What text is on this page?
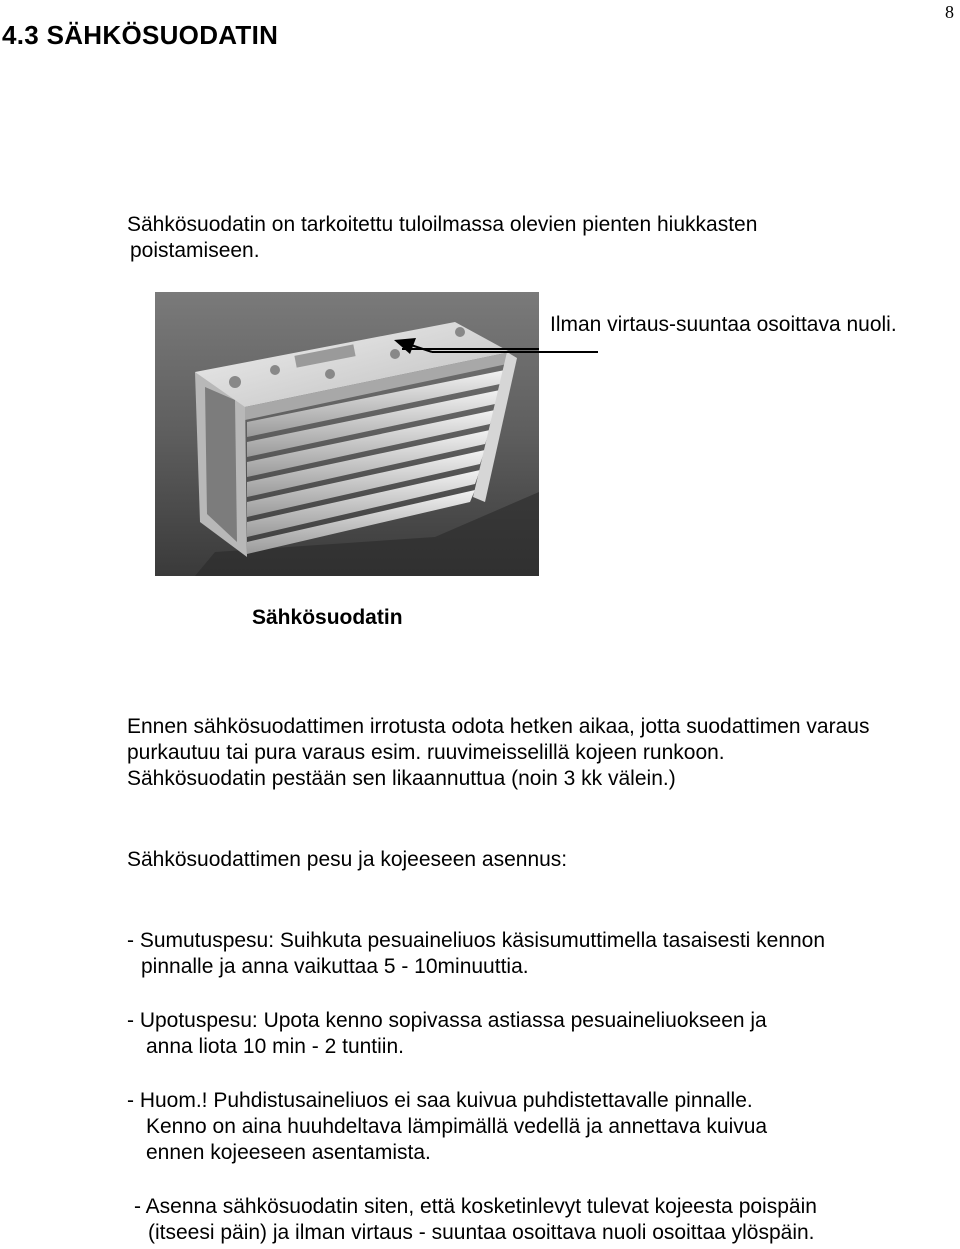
8
4.3 SÄHKÖSUODATIN
Sähkösuodatin on tarkoitettu tuloilmassa olevien pienten hiukkasten
poistamiseen.
Ilman virtaus-suuntaa osoittava nuoli.
Sähkösuodatin
Ennen sähkösuodattimen irrotusta odota hetken aikaa, jotta suodattimen varaus
purkautuu tai pura varaus esim. ruuvimeisselillä kojeen runkoon.
Sähkösuodatin pestään sen likaannuttua (noin 3 kk välein.)
Sähkösuodattimen pesu ja kojeeseen asennus:
- Sumutuspesu: Suihkuta pesuaineliuos käsisumuttimella tasaisesti kennon
pinnalle ja anna vaikuttaa 5 - 10minuuttia.
- Upotuspesu: Upota kenno sopivassa astiassa pesuaineliuokseen ja
anna liota 10 min - 2 tuntiin.
- Huom.! Puhdistusaineliuos ei saa kuivua puhdistettavalle pinnalle.
Kenno on aina huuhdeltava lämpimällä vedellä ja annettava kuivua
ennen kojeeseen asentamista.
- Asenna sähkösuodatin siten, että kosketinlevyt tulevat kojeesta poispäin
(itseesi päin) ja ilman virtaus - suuntaa osoittava nuoli osoittaa ylöspäin.
